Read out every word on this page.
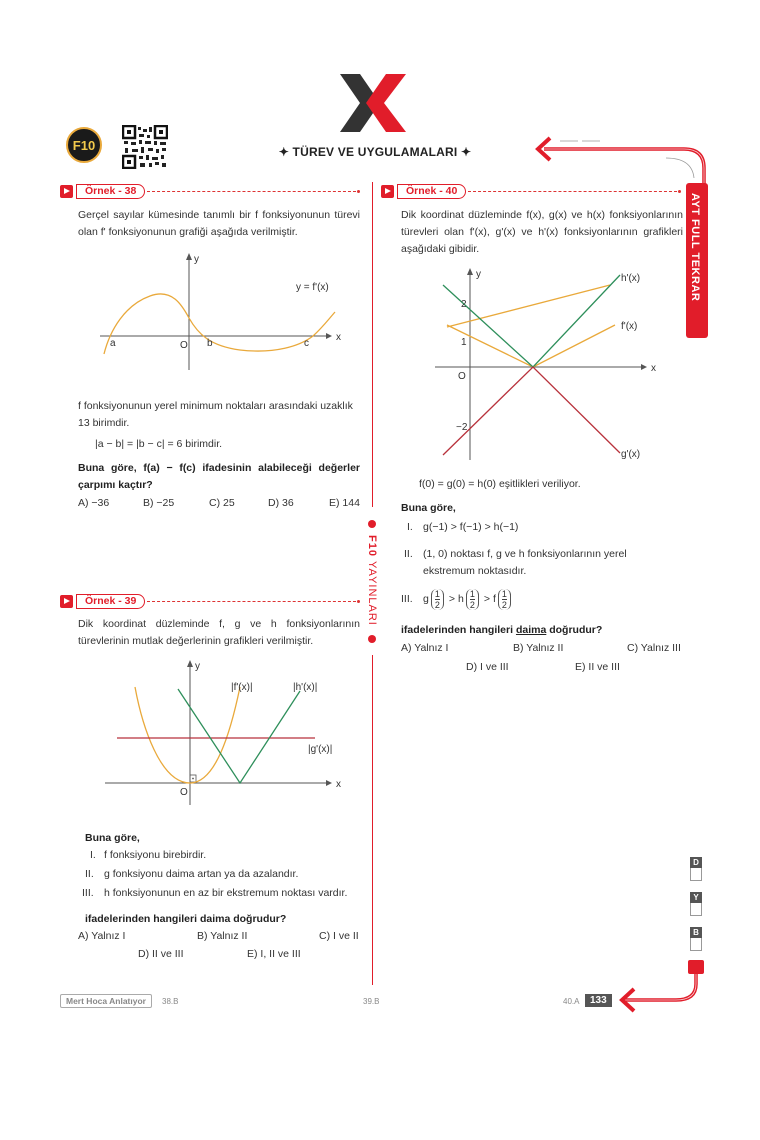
F10	✦ TÜREV VE UYGULAMALARI ✦
AYT FULL TEKRAR
F10 YAYINLARI
Örnek - 38
Gerçel sayılar kümesinde tanımlı bir f fonksiyonunun türevi olan f' fonksiyonunun grafiği aşağıda verilmiştir.
y
x
O
y = f'(x)
a	b	c
f fonksiyonunun yerel minimum noktaları arasındaki uzaklık 13 birimdir.
|a − b| = |b − c| = 6 birimdir.
Buna göre, f(a) − f(c) ifadesinin alabileceği değerler çarpımı kaçtır?
A) −36	B) −25	C) 25	D) 36	E) 144
Örnek - 39
Dik koordinat düzleminde f, g ve h fonksiyonlarının türevlerinin mutlak değerlerinin grafikleri verilmiştir.
y
x
O
|f'(x)|	|h'(x)|
|g'(x)|
Buna göre,
I. f fonksiyonu birebirdir.
II. g fonksiyonu daima artan ya da azalandır.
III. h fonksiyonunun en az bir ekstremum noktası vardır.
ifadelerinden hangileri daima doğrudur?
A) Yalnız I	B) Yalnız II	C) I ve II
D) II ve III	E) I, II ve III
Örnek - 40
Dik koordinat düzleminde f(x), g(x) ve h(x) fonksiyonlarının türevleri olan f'(x), g'(x) ve h'(x) fonksiyonlarının grafikleri aşağıdaki gibidir.
y
x
O
2
1
−2
h'(x)
f'(x)
g'(x)
f(0) = g(0) = h(0) eşitlikleri veriliyor.
Buna göre,
I. g(−1) > f(−1) > h(−1)
II. (1, 0) noktası f, g ve h fonksiyonlarının yerel ekstremum noktasıdır.
III. g $\frac{1}{2} > h \frac{1}{2} > f \frac{1}{2}$
ifadelerinden hangileri daima doğrudur?
A) Yalnız I	B) Yalnız II	C) Yalnız III
D) I ve III	E) II ve III
D
Y
B
Mert Hoca Anlatıyor	38.B	39.B	40.A	133
